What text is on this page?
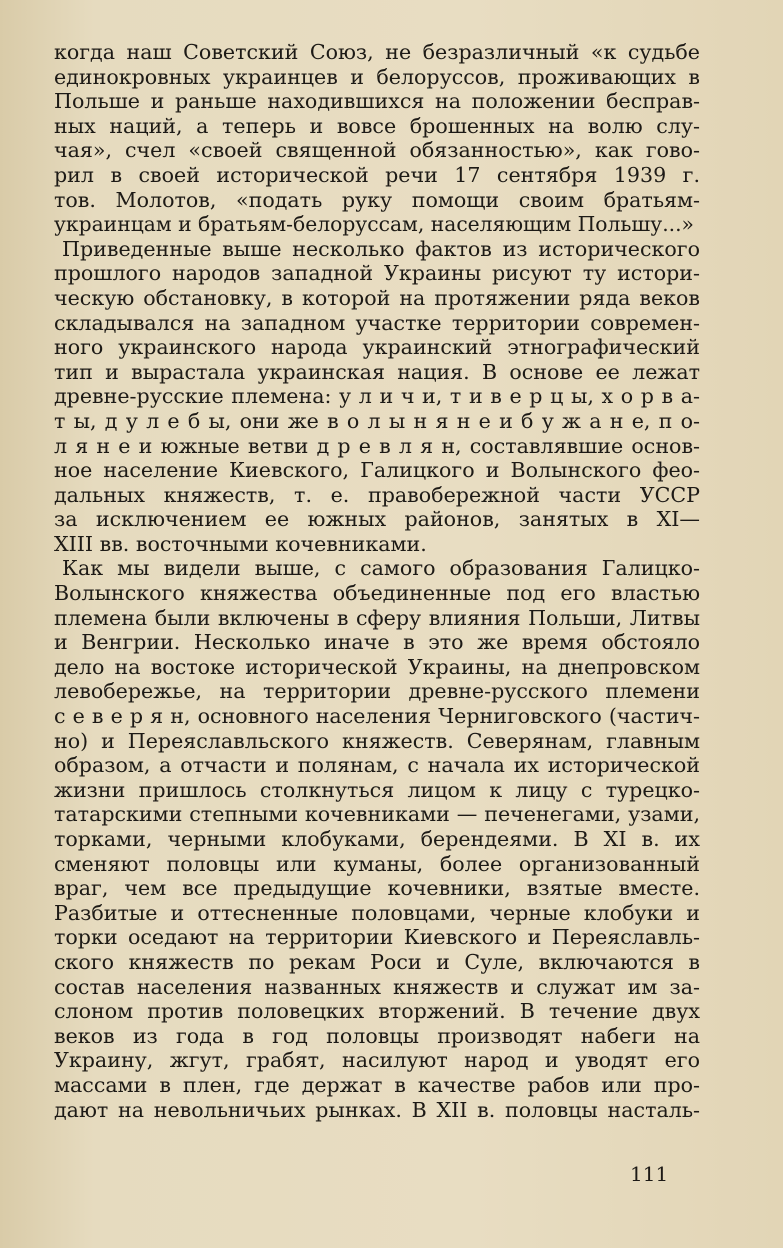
когда наш Советский Союз, не безразличный «к судьбе
единокровных украинцев и белоруссов, проживающих в
Польше и раньше находившихся на положении бесправ-
ных наций, а теперь и вовсе брошенных на волю слу-
чая», счел «своей священной обязанностью», как гово-
рил в своей исторической речи 17 сентября 1939 г.
тов. Молотов, «подать руку помощи своим братьям-
украинцам и братьям-белоруссам, населяющим Польшу...»
Приведенные выше несколько фактов из исторического
прошлого народов западной Украины рисуют ту истори-
ческую обстановку, в которой на протяжении ряда веков
складывался на западном участке территории современ-
ного украинского народа украинский этнографический
тип и вырастала украинская нация. В основе ее лежат
древне-русские племена: у л и ч и, т и в е р ц ы, х о р в а-
т ы, д у л е б ы, они же в о л ы н я н е и б у ж а н е, п о-
л я н е и южные ветви д р е в л я н, составлявшие основ-
ное население Киевского, Галицкого и Волынского фео-
дальных княжеств, т. е. правобережной части УССР
за исключением ее южных районов, занятых в XI—
XIII вв. восточными кочевниками.
Как мы видели выше, с самого образования Галицко-
Волынского княжества объединенные под его властью
племена были включены в сферу влияния Польши, Литвы
и Венгрии. Несколько иначе в это же время обстояло
дело на востоке исторической Украины, на днепровском
левобережье, на территории древне-русского племени
с е в е р я н, основного населения Черниговского (частич-
но) и Переяславльского княжеств. Северянам, главным
образом, а отчасти и полянам, с начала их исторической
жизни пришлось столкнуться лицом к лицу с турецко-
татарскими степными кочевниками — печенегами, узами,
торками, черными клобуками, берендеями. В XI в. их
сменяют половцы или куманы, более организованный
враг, чем все предыдущие кочевники, взятые вместе.
Разбитые и оттесненные половцами, черные клобуки и
торки оседают на территории Киевского и Переяславль-
ского княжеств по рекам Роси и Суле, включаются в
состав населения названных княжеств и служат им за-
слоном против половецких вторжений. В течение двух
веков из года в год половцы производят набеги на
Украину, жгут, грабят, насилуют народ и уводят его
массами в плен, где держат в качестве рабов или про-
дают на невольничьих рынках. В XII в. половцы насталь-
111
